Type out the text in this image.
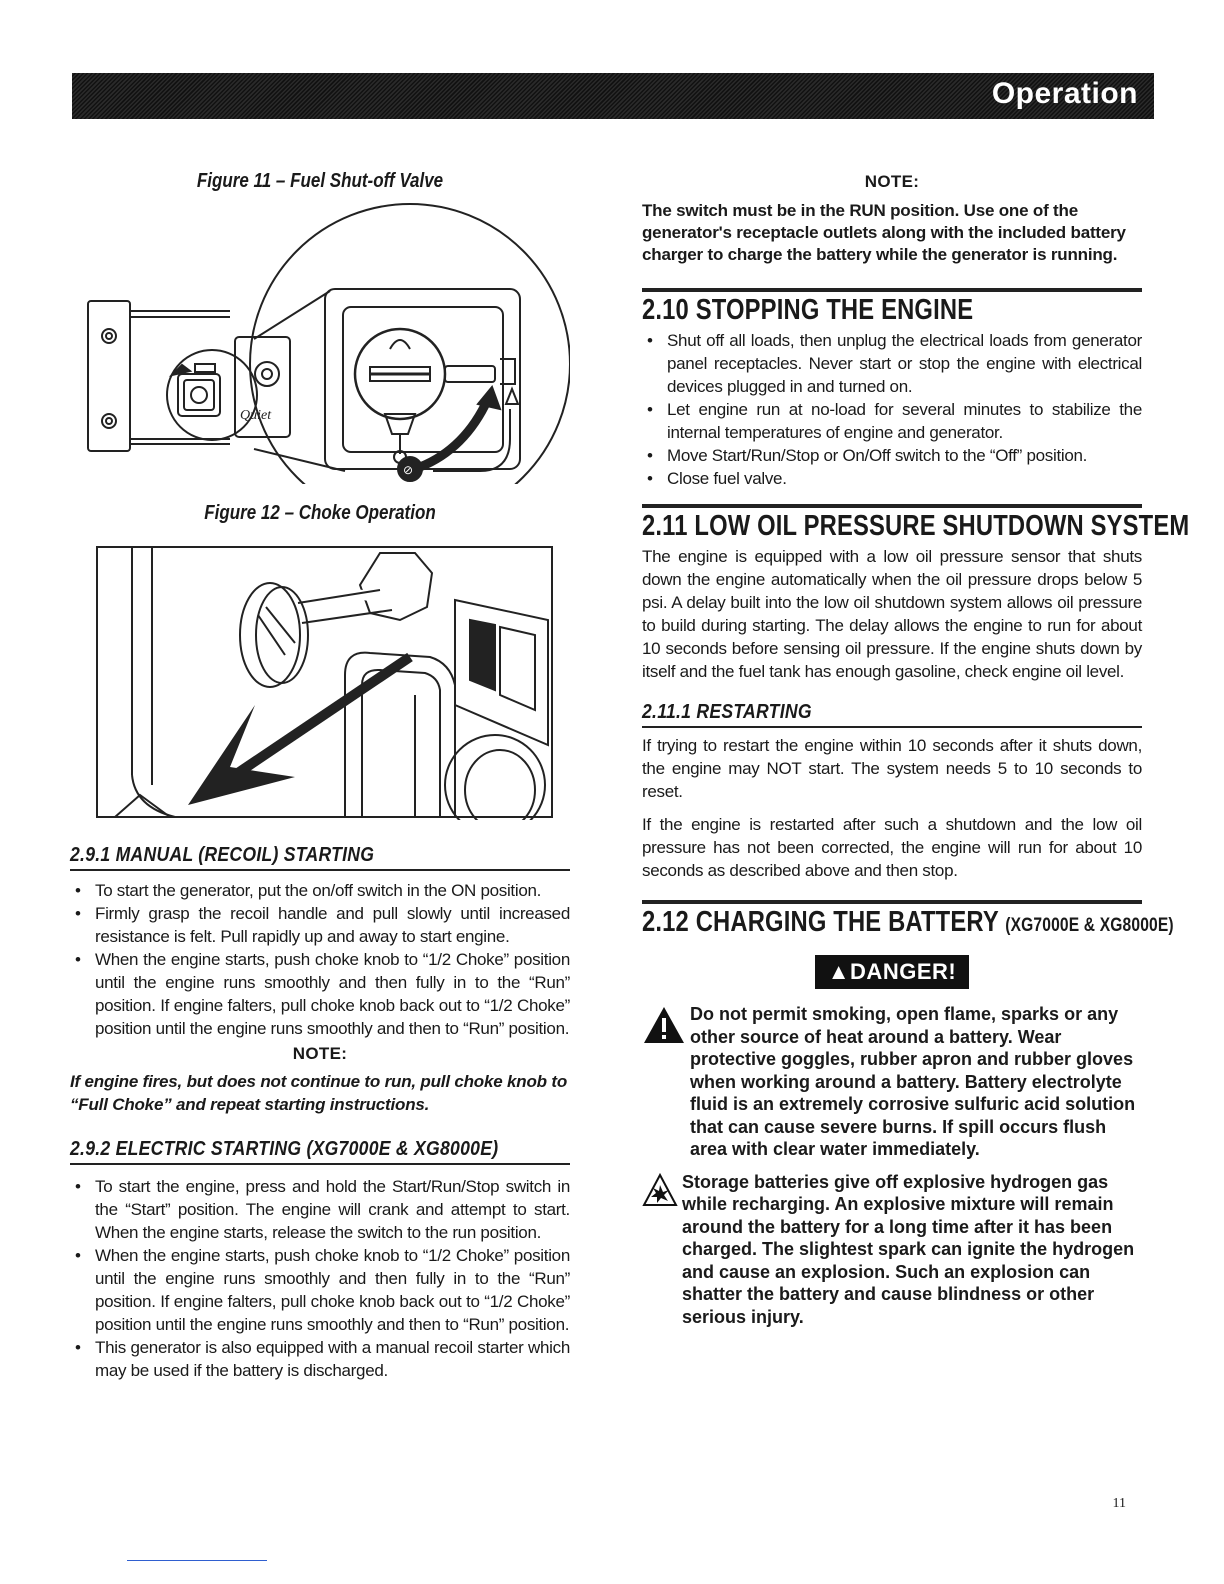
Operation
Figure 11 – Fuel Shut-off Valve
Quiet
⊘
Figure 12 – Choke Operation
2.9.1 MANUAL (RECOIL) STARTING
• To start the generator, put the on/off switch in the ON position.
• Firmly grasp the recoil handle and pull slowly until increased resistance is felt. Pull rapidly up and away to start engine.
• When the engine starts, push choke knob to “1/2 Choke” position until the engine runs smoothly and then fully in to the “Run” position. If engine falters, pull choke knob back out to “1/2 Choke” position until the engine runs smoothly and then to “Run” position.
NOTE:
If engine fires, but does not continue to run, pull choke knob to “Full Choke” and repeat starting instructions.
2.9.2 ELECTRIC STARTING (XG7000E & XG8000E)
• To start the engine, press and hold the Start/Run/Stop switch in the “Start” position. The engine will crank and attempt to start. When the engine starts, release the switch to the run position.
• When the engine starts, push choke knob to “1/2 Choke” position until the engine runs smoothly and then fully in to the “Run” position. If engine falters, pull choke knob back out to “1/2 Choke” position until the engine runs smoothly and then to “Run” position.
• This generator is also equipped with a manual recoil starter which may be used if the battery is discharged.
NOTE:
The switch must be in the RUN position. Use one of the generator's receptacle outlets along with the included battery charger to charge the battery while the generator is running.
2.10 STOPPING THE ENGINE
• Shut off all loads, then unplug the electrical loads from generator panel receptacles. Never start or stop the engine with electrical devices plugged in and turned on.
• Let engine run at no-load for several minutes to stabilize the internal temperatures of engine and generator.
• Move Start/Run/Stop or On/Off switch to the “Off” position.
• Close fuel valve.
2.11 LOW OIL PRESSURE SHUTDOWN SYSTEM
The engine is equipped with a low oil pressure sensor that shuts down the engine automatically when the oil pressure drops below 5 psi. A delay built into the low oil shutdown system allows oil pressure to build during starting. The delay allows the engine to run for about 10 seconds before sensing oil pressure. If the engine shuts down by itself and the fuel tank has enough gasoline, check engine oil level.
2.11.1 RESTARTING
If trying to restart the engine within 10 seconds after it shuts down, the engine may NOT start. The system needs 5 to 10 seconds to reset.
If the engine is restarted after such a shutdown and the low oil pressure has not been corrected, the engine will run for about 10 seconds as described above and then stop.
2.12 CHARGING THE BATTERY (XG7000E & XG8000E)
▲DANGER!
Do not permit smoking, open flame, sparks or any other source of heat around a battery. Wear protective goggles, rubber apron and rubber gloves when working around a battery. Battery electrolyte fluid is an extremely corrosive sulfuric acid solution that can cause severe burns. If spill occurs flush area with clear water immediately.
Storage batteries give off explosive hydrogen gas while recharging. An explosive mixture will remain around the battery for a long time after it has been charged. The slightest spark can ignite the hydrogen and cause an explosion. Such an explosion can shatter the battery and cause blindness or other serious injury.
11
